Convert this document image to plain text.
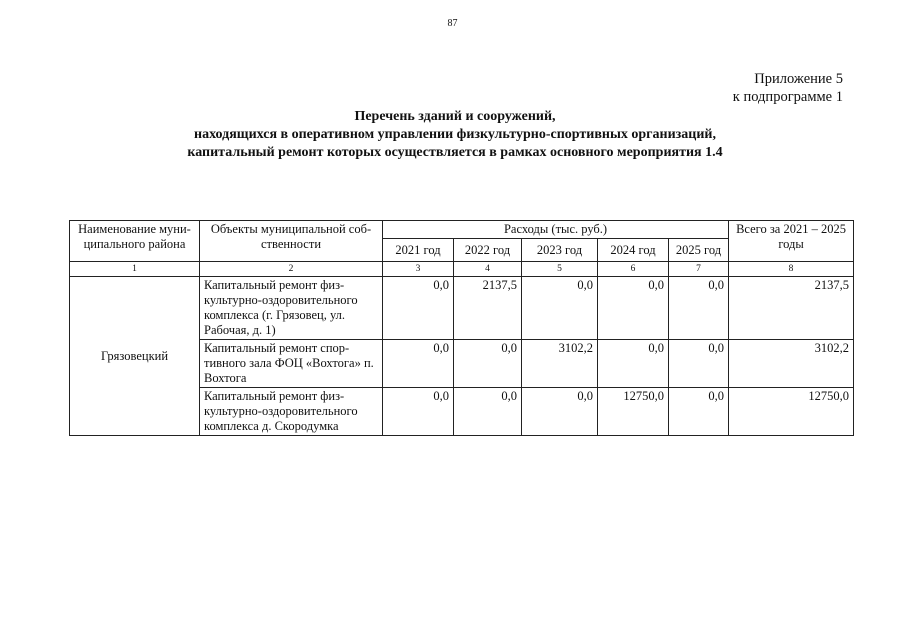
87
Приложение 5
к подпрограмме 1
Перечень зданий и сооружений,
находящихся в оперативном управлении физкультурно-спортивных организаций,
капитальный ремонт которых осуществляется в рамках основного мероприятия 1.4
Наименование муни-ципального района	Объекты муниципальной соб-ственности	Расходы (тыс. руб.)					Всего за 2021 – 2025 годы
		2021 год	2022 год	2023 год	2024 год	2025 год	
1	2	3	4	5	6	7	8
Грязовецкий	Капитальный ремонт физ-культурно-оздоровительного комплекса (г. Грязовец, ул. Рабочая, д. 1)	0,0	2137,5	0,0	0,0	0,0	2137,5
	Капитальный ремонт спор-тивного зала ФОЦ «Вохтога» п. Вохтога	0,0	0,0	3102,2	0,0	0,0	3102,2
	Капитальный ремонт физ-культурно-оздоровительного комплекса д. Скородумка	0,0	0,0	0,0	12750,0	0,0	12750,0
